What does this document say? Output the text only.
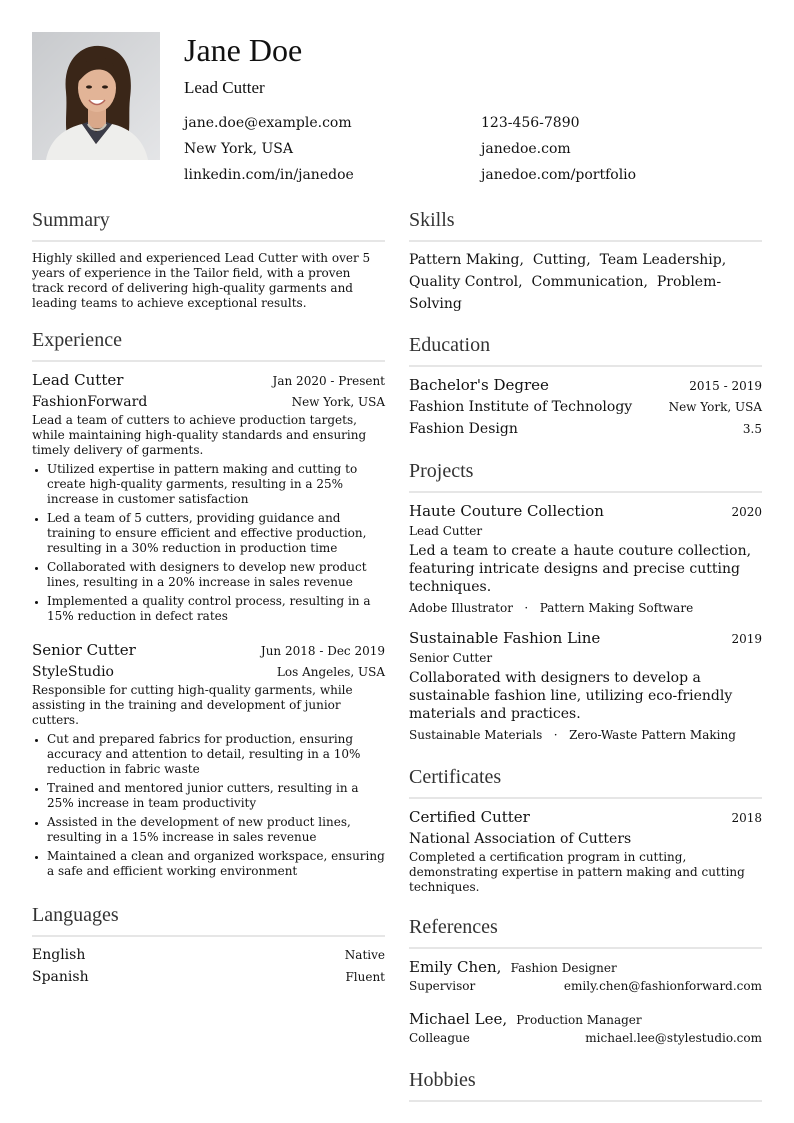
Jane Doe
Lead Cutter
jane.doe@example.com	123-456-7890
New York, USA	janedoe.com
linkedin.com/in/janedoe	janedoe.com/portfolio
Summary
Highly skilled and experienced Lead Cutter with over 5 years of experience in the Tailor field, with a proven track record of delivering high-quality garments and leading teams to achieve exceptional results.
Experience
Lead Cutter	Jan 2020 - Present
FashionForward	New York, USA
Lead a team of cutters to achieve production targets, while maintaining high-quality standards and ensuring timely delivery of garments.
Utilized expertise in pattern making and cutting to create high-quality garments, resulting in a 25% increase in customer satisfaction
Led a team of 5 cutters, providing guidance and training to ensure efficient and effective production, resulting in a 30% reduction in production time
Collaborated with designers to develop new product lines, resulting in a 20% increase in sales revenue
Implemented a quality control process, resulting in a 15% reduction in defect rates
Senior Cutter	Jun 2018 - Dec 2019
StyleStudio	Los Angeles, USA
Responsible for cutting high-quality garments, while assisting in the training and development of junior cutters.
Cut and prepared fabrics for production, ensuring accuracy and attention to detail, resulting in a 10% reduction in fabric waste
Trained and mentored junior cutters, resulting in a 25% increase in team productivity
Assisted in the development of new product lines, resulting in a 15% increase in sales revenue
Maintained a clean and organized workspace, ensuring a safe and efficient working environment
Languages
English	Native
Spanish	Fluent
Skills
Pattern Making, Cutting, Team Leadership,
Quality Control, Communication, Problem-Solving
Education
Bachelor's Degree	2015 - 2019
Fashion Institute of Technology	New York, USA
Fashion Design	3.5
Projects
Haute Couture Collection	2020
Lead Cutter
Led a team to create a haute couture collection, featuring intricate designs and precise cutting techniques.
Adobe Illustrator   ·   Pattern Making Software
Sustainable Fashion Line	2019
Senior Cutter
Collaborated with designers to develop a sustainable fashion line, utilizing eco-friendly materials and practices.
Sustainable Materials   ·   Zero-Waste Pattern Making
Certificates
Certified Cutter	2018
National Association of Cutters
Completed a certification program in cutting, demonstrating expertise in pattern making and cutting techniques.
References
Emily Chen, Fashion Designer
Supervisor	emily.chen@fashionforward.com
Michael Lee, Production Manager
Colleague	michael.lee@stylestudio.com
Hobbies
